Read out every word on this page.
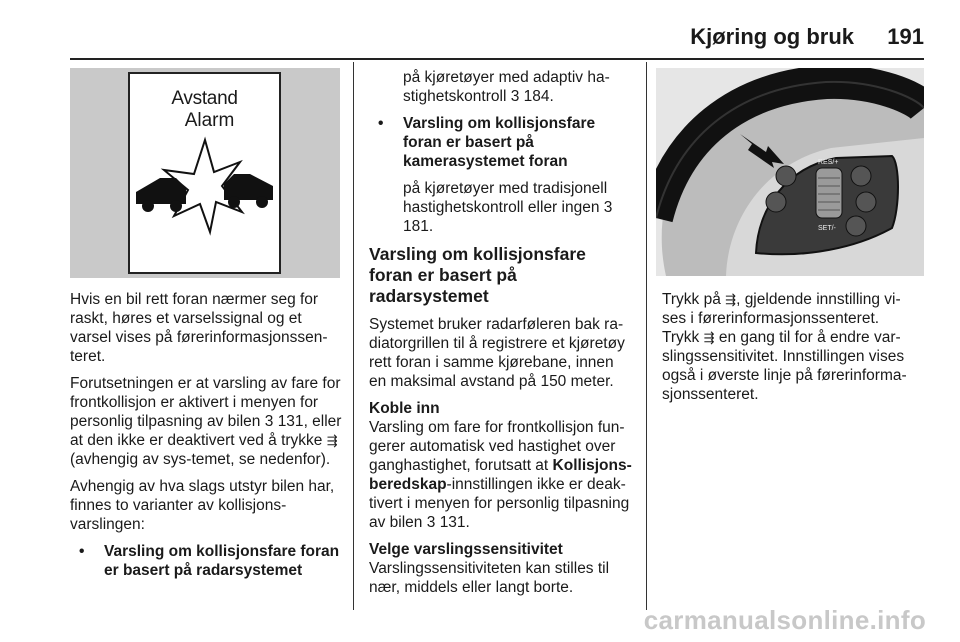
Kjøring og bruk 191
Avstand
Alarm

Hvis en bil rett foran nærmer seg for raskt, høres et varselssignal og et varsel vises på førerinformasjonssen-teret.

Forutsetningen er at varsling av fare for frontkollisjon er aktivert i menyen for personlig tilpasning av bilen 3 131, eller at den ikke er deaktivert ved å trykke ⇶ (avhengig av sys-temet, se nedenfor).

Avhengig av hva slags utstyr bilen har, finnes to varianter av kollisjons-varslingen:

• Varsling om kollisjonsfare foran er basert på radarsystemet
på kjøretøyer med adaptiv ha-stighetskontroll 3 184.
• Varsling om kollisjonsfare foran er basert på kamerasystemet foran
på kjøretøyer med tradisjonell hastighetskontroll eller ingen 3 181.
Varsling om kollisjonsfare foran er basert på radarsystemet

Systemet bruker radarføleren bak ra-diatorgrillen til å registrere et kjøretøy rett foran i samme kjørebane, innen en maksimal avstand på 150 meter.

Koble inn

Varsling om fare for frontkollisjon fun-gerer automatisk ved hastighet over ganghastighet, forutsatt at Kollisjons-beredskap-innstillingen ikke er deak-tivert i menyen for personlig tilpasning av bilen 3 131.

Velge varslingssensitivitet

Varslingssensitiviteten kan stilles til nær, middels eller langt borte.

RES/+
SET/-

Trykk på ⇶, gjeldende innstilling vi-ses i førerinformasjonssenteret.

Trykk ⇶ en gang til for å endre var-slingssensitivitet. Innstillingen vises også i øverste linje på førerinforma-sjonssenteret.

carmanualsonline.info
